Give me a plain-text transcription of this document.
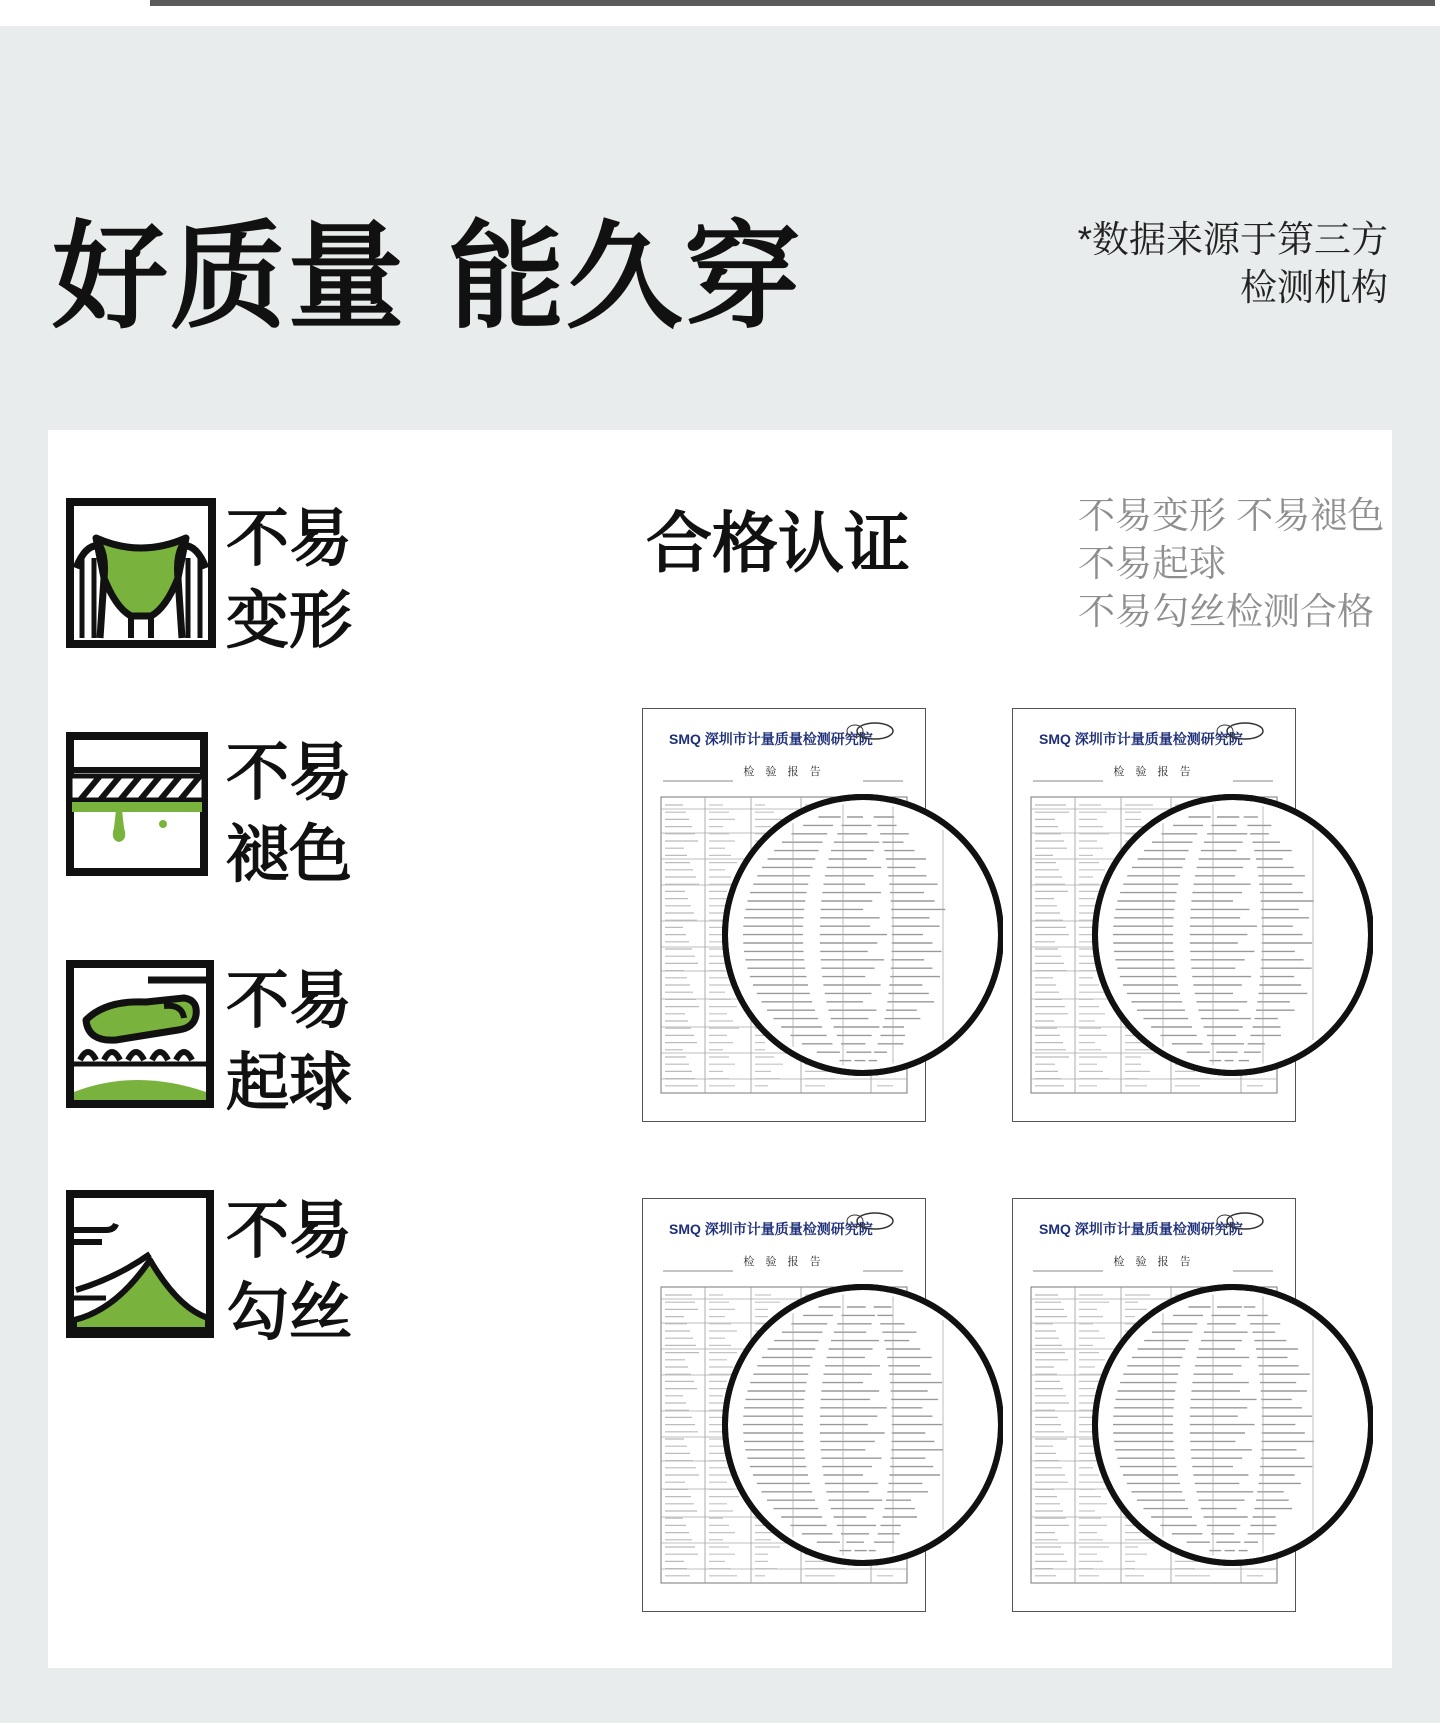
好质量 能久穿	*数据来源于第三方
检测机构
不易
变形
不易
褪色
不易
起球
不易
勾丝
合格认证	不易变形 不易褪色
不易起球
不易勾丝检测合格
SMQ 深圳市计量质量检测研究院
检 验 报 告
SMQ 深圳市计量质量检测研究院
检 验 报 告
SMQ 深圳市计量质量检测研究院
检 验 报 告
SMQ 深圳市计量质量检测研究院
检 验 报 告
